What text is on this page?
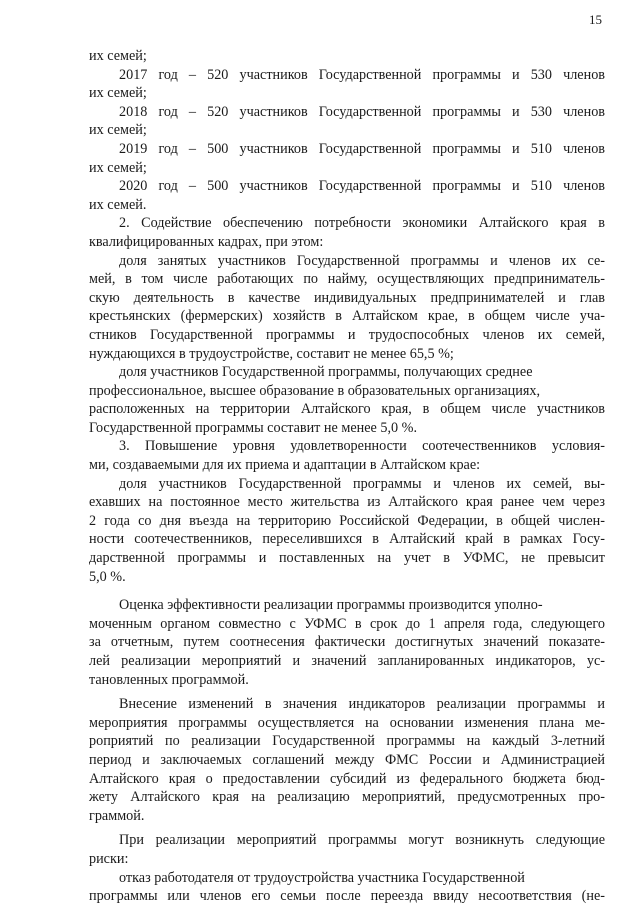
15

их семей;

2017 год – 520 участников Государственной программы и 530 членов

их семей;

2018 год – 520 участников Государственной программы и 530 членов

их семей;

2019 год – 500 участников Государственной программы и 510 членов

их семей;

2020 год – 500 участников Государственной программы и 510 членов

их семей.

2. Содействие обеспечению потребности экономики Алтайского края в

квалифицированных кадрах, при этом:

доля занятых участников Государственной программы и членов их се-

мей, в том числе работающих по найму, осуществляющих предприниматель-

скую деятельность в качестве индивидуальных предпринимателей и глав

крестьянских (фермерских) хозяйств в Алтайском крае, в общем числе уча-

стников Государственной программы и трудоспособных членов их семей,

нуждающихся в трудоустройстве, составит не менее 65,5 %;

доля участников Государственной программы, получающих среднее

профессиональное, высшее образование в образовательных организациях,

расположенных на территории Алтайского края, в общем числе участников

Государственной программы составит не менее 5,0 %.

3. Повышение уровня удовлетворенности соотечественников условия-

ми, создаваемыми для их приема и адаптации в Алтайском крае:

доля участников Государственной программы и членов их семей, вы-

ехавших на постоянное место жительства из Алтайского края ранее чем через

2 года со дня въезда на территорию Российской Федерации, в общей числен-

ности соотечественников, переселившихся в Алтайский край в рамках Госу-

дарственной программы и поставленных на учет в УФМС, не превысит

5,0 %.

Оценка эффективности реализации программы производится уполно-

моченным органом совместно с УФМС в срок до 1 апреля года, следующего

за отчетным, путем соотнесения фактически достигнутых значений показате-

лей реализации мероприятий и значений запланированных индикаторов, ус-

тановленных программой.

Внесение изменений в значения индикаторов реализации программы и

мероприятия программы осуществляется на основании изменения плана ме-

роприятий по реализации Государственной программы на каждый 3-летний

период и заключаемых соглашений между ФМС России и Администрацией

Алтайского края о предоставлении субсидий из федерального бюджета бюд-

жету Алтайского края на реализацию мероприятий, предусмотренных про-

граммой.

При реализации мероприятий программы могут возникнуть следующие

риски:

отказ работодателя от трудоустройства участника Государственной

программы или членов его семьи после переезда ввиду несоответствия (не-
